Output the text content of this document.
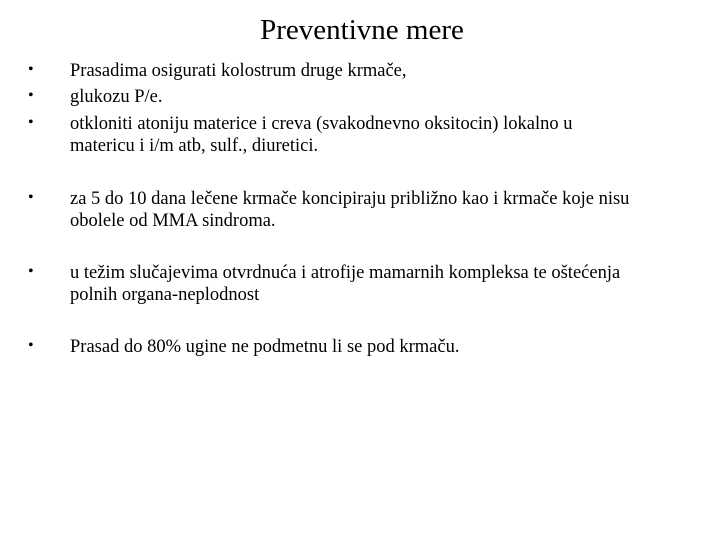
Preventivne mere
• Prasadima osigurati kolostrum druge krmače,
• glukozu P/e.
• otkloniti atoniju materice i creva (svakodnevno oksitocin) lokalno u
matericu i i/m atb, sulf., diuretici.
• za 5 do 10 dana lečene krmače koncipiraju približno kao i krmače koje nisu
obolele od MMA sindroma.
• u težim slučajevima otvrdnuća i atrofije mamarnih kompleksa te oštećenja
polnih organa-neplodnost
• Prasad do 80% ugine ne podmetnu li se pod krmaču.
